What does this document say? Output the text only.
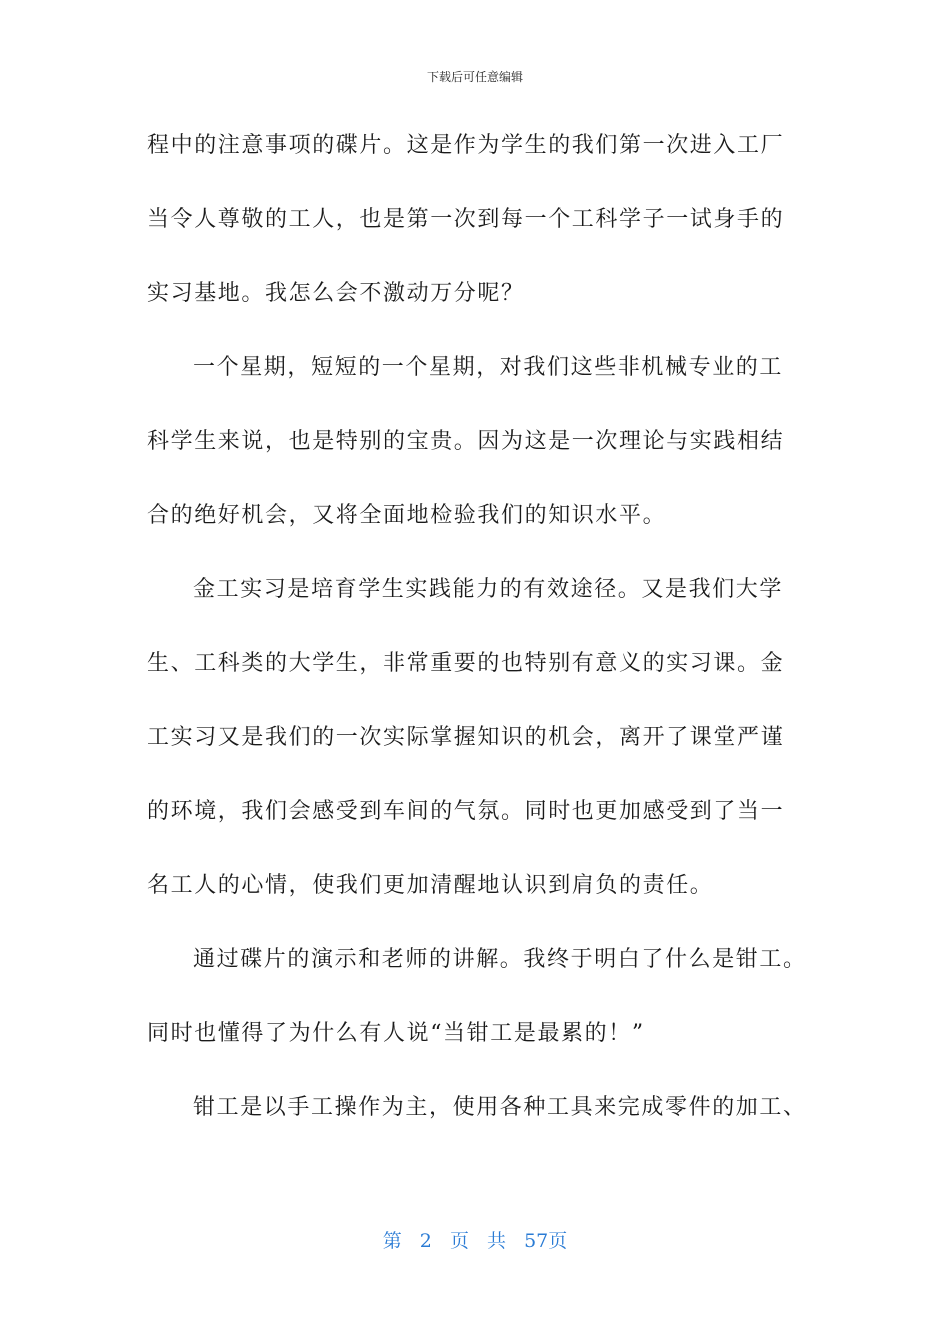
下载后可任意编辑
程中的注意事项的碟片。这是作为学生的我们第一次进入工厂
当令人尊敬的工人，也是第一次到每一个工科学子一试身手的
实习基地。我怎么会不激动万分呢？
一个星期，短短的一个星期，对我们这些非机械专业的工
科学生来说，也是特别的宝贵。因为这是一次理论与实践相结
合的绝好机会，又将全面地检验我们的知识水平。
金工实习是培育学生实践能力的有效途径。又是我们大学
生、工科类的大学生，非常重要的也特别有意义的实习课。金
工实习又是我们的一次实际掌握知识的机会，离开了课堂严谨
的环境，我们会感受到车间的气氛。同时也更加感受到了当一
名工人的心情，使我们更加清醒地认识到肩负的责任。
通过碟片的演示和老师的讲解。我终于明白了什么是钳工。
同时也懂得了为什么有人说“当钳工是最累的！”
钳工是以手工操作为主，使用各种工具来完成零件的加工、
第 2 页 共 57页
